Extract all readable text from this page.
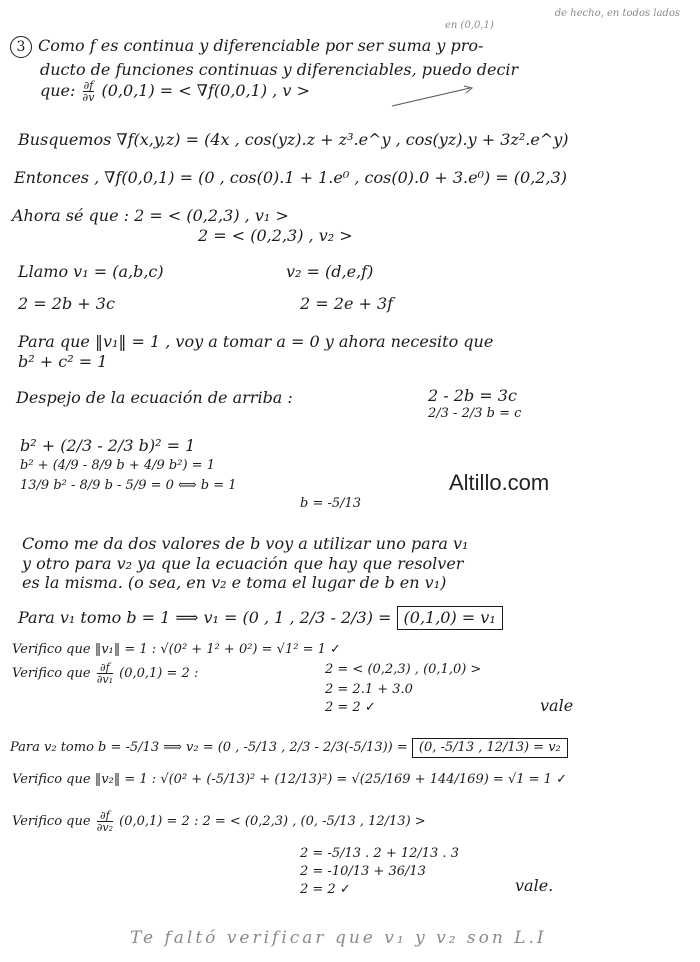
3 Como f es continua y diferenciable por ser suma y pro-
en (0,0,1)
de hecho, en todos lados
ducto de funciones continuas y diferenciables, puedo decir
que: $\frac{\partial f}{\partial v} (0,0,1)$ = < ∇f(0,0,1) , v >
Busquemos ∇f(x,y,z) = (4x , cos(yz).z + z³.e^y , cos(yz).y + 3z².e^y)
Entonces , ∇f(0,0,1) = (0 , cos(0).1 + 1.e⁰ , cos(0).0 + 3.e⁰) = (0,2,3)
Ahora sé que : 2 = < (0,2,3) , v₁ >
2 = < (0,2,3) , v₂ >
Llamo v₁ = (a,b,c)	v₂ = (d,e,f)
2 = 2b + 3c	2 = 2e + 3f
Para que ‖v₁‖ = 1 , voy a tomar a = 0 y ahora necesito que
b² + c² = 1
Despejo de la ecuación de arriba :	2 - 2b = 3c
2/3 - 2/3 b = c
b² + (2/3 - 2/3 b)² = 1
b² + (4/9 - 8/9 b + 4/9 b²) = 1
13/9 b² - 8/9 b - 5/9 = 0 ⟺ b = 1
b = -5/13
Altillo.com
Como me da dos valores de b voy a utilizar uno para v₁
y otro para v₂ ya que la ecuación que hay que resolver
es la misma. (o sea, en v₂ e toma el lugar de b en v₁)
Para v₁ tomo b = 1 ⟹ v₁ = (0 , 1 , 2/3 - 2/3) = (0,1,0) = v₁
Verifico que ‖v₁‖ = 1 : √(0² + 1² + 0²) = √1² = 1 ✓
Verifico que $\frac{\partial f}{\text{∂v₁}} (0,0,1) = 2$ :	2 = < (0,2,3) , (0,1,0) >
2 = 2.1 + 3.0
2 = 2 ✓	vale
Para v₂ tomo b = -5/13 ⟹ v₂ = (0 , -5/13 , 2/3 - 2/3(-5/13)) = (0, -5/13 , 12/13) = v₂
Verifico que ‖v₂‖ = 1 : √(0² + (-5/13)² + (12/13)²) = √(25/169 + 144/169) = √1 = 1 ✓
Verifico que $\frac{\partial f}{\text{∂v₂}} (0,0,1) = 2$ : 2 = < (0,2,3) , (0, -5/13 , 12/13) >
2 = -5/13 . 2 + 12/13 . 3
2 = -10/13 + 36/13
2 = 2 ✓	vale.
Te faltó verificar que v₁ y v₂ son L.I
